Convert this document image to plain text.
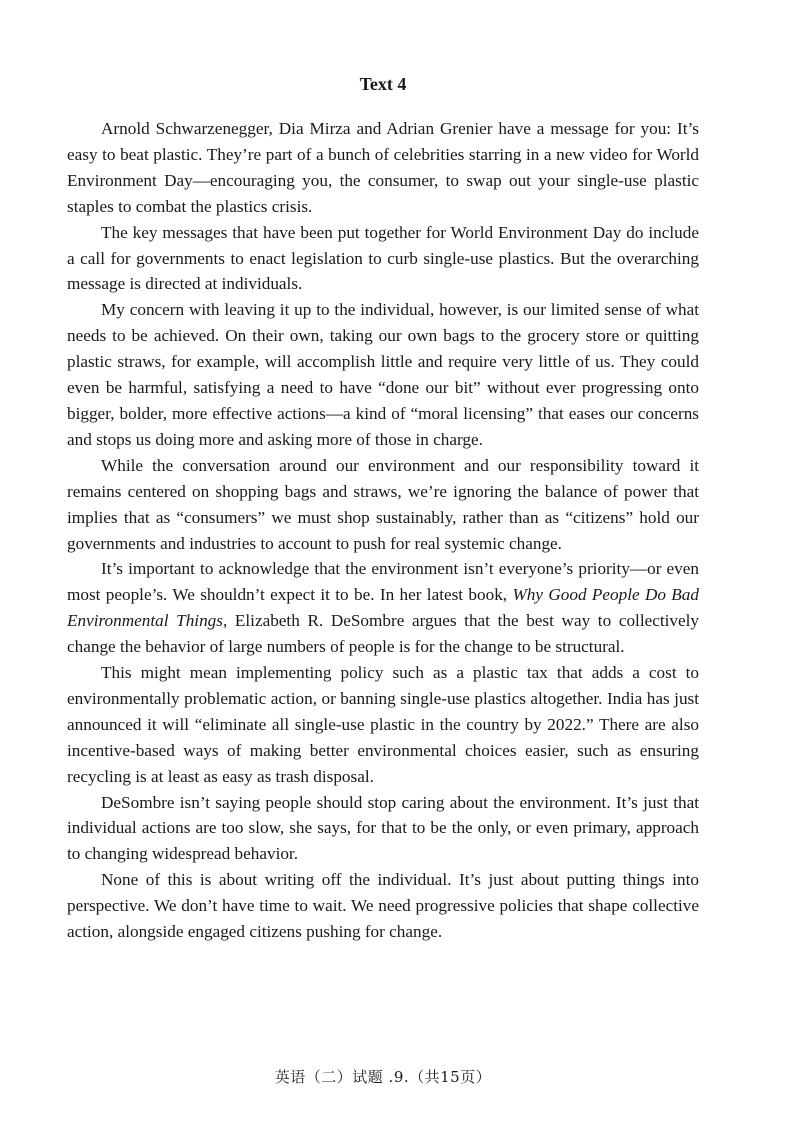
Text 4

Arnold Schwarzenegger, Dia Mirza and Adrian Grenier have a message for you: It’s easy to beat plastic. They’re part of a bunch of celebrities starring in a new video for World Environment Day—encouraging you, the consumer, to swap out your single-use plastic staples to combat the plastics crisis.

The key messages that have been put together for World Environment Day do include a call for governments to enact legislation to curb single-use plastics. But the overarching message is directed at individuals.

My concern with leaving it up to the individual, however, is our limited sense of what needs to be achieved. On their own, taking our own bags to the grocery store or quitting plastic straws, for example, will accomplish little and require very little of us. They could even be harmful, satisfying a need to have “done our bit” without ever progressing onto bigger, bolder, more effective actions—a kind of “moral licensing” that eases our concerns and stops us doing more and asking more of those in charge.

While the conversation around our environment and our responsibility toward it remains centered on shopping bags and straws, we’re ignoring the balance of power that implies that as “consumers” we must shop sustainably, rather than as “citizens” hold our governments and industries to account to push for real systemic change.

It’s important to acknowledge that the environment isn’t everyone’s priority—or even most people’s. We shouldn’t expect it to be. In her latest book, Why Good People Do Bad Environmental Things, Elizabeth R. DeSombre argues that the best way to collectively change the behavior of large numbers of people is for the change to be structural.

This might mean implementing policy such as a plastic tax that adds a cost to environmentally problematic action, or banning single-use plastics altogether. India has just announced it will “eliminate all single-use plastic in the country by 2022.” There are also incentive-based ways of making better environmental choices easier, such as ensuring recycling is at least as easy as trash disposal.

DeSombre isn’t saying people should stop caring about the environment. It’s just that individual actions are too slow, she says, for that to be the only, or even primary, approach to changing widespread behavior.

None of this is about writing off the individual. It’s just about putting things into perspective. We don’t have time to wait. We need progressive policies that shape collective action, alongside engaged citizens pushing for change.

英语（二）试题 .9.（共15页）
